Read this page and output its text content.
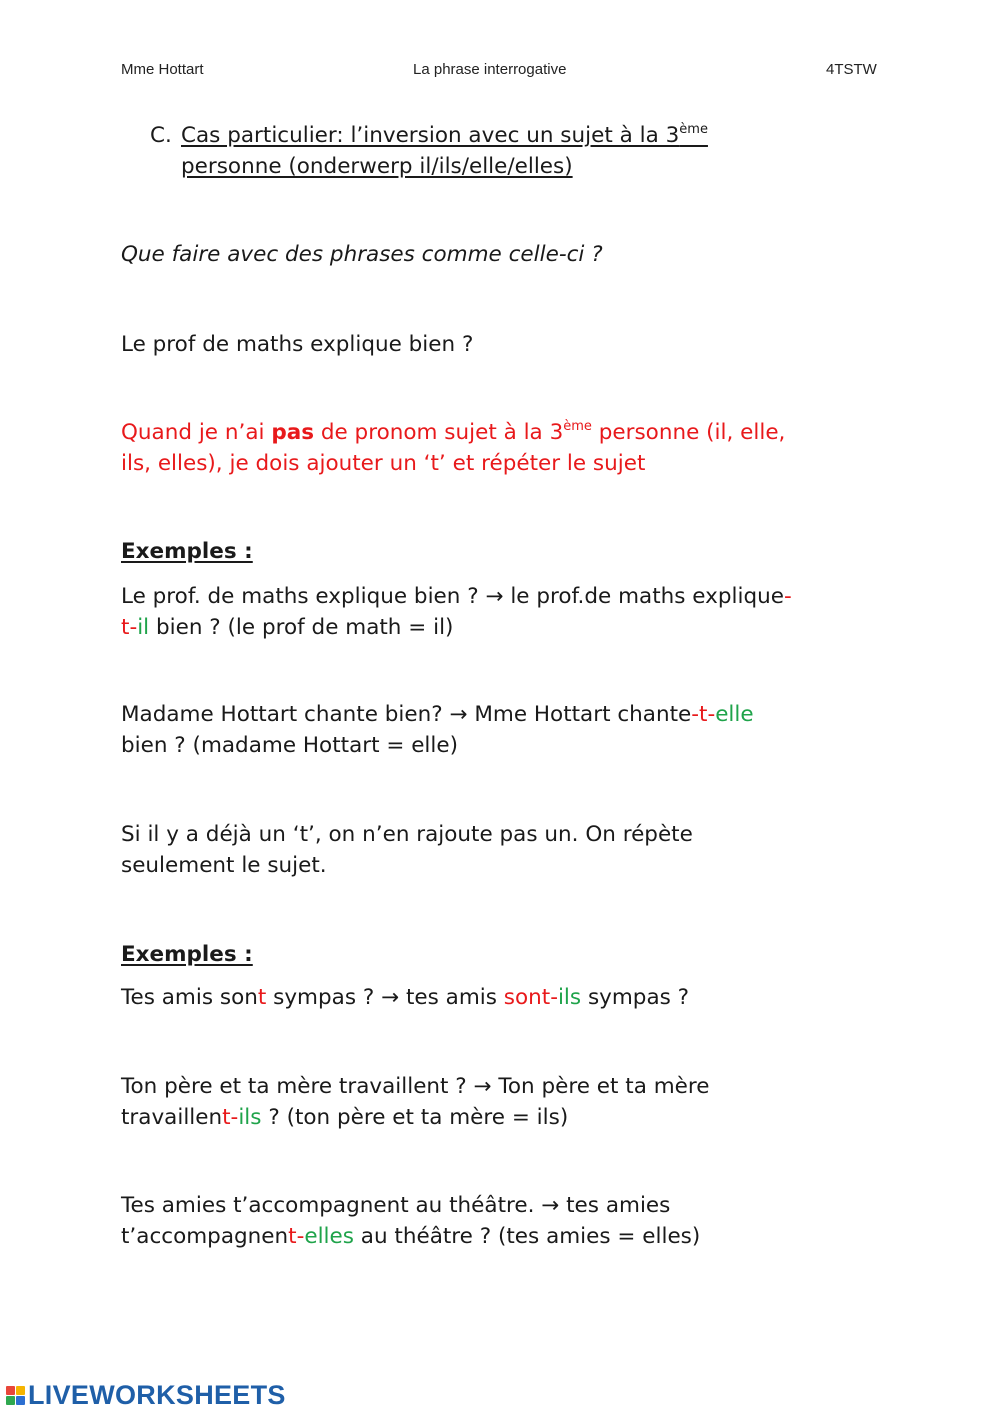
Mme Hottart	La phrase interrogative	4TSTW
C. Cas particulier: l’inversion avec un sujet à la 3ème
personne (onderwerp il/ils/elle/elles)

Que faire avec des phrases comme celle-ci ?

Le prof de maths explique bien ?

Quand je n’ai pas de pronom sujet à la 3ème personne (il, elle,
ils, elles), je dois ajouter un ‘t’ et répéter le sujet

Exemples :

Le prof. de maths explique bien ? → le prof.de maths explique-
t-il bien ? (le prof de math = il)

Madame Hottart chante bien? → Mme Hottart chante-t-elle
bien ? (madame Hottart = elle)

Si il y a déjà un ‘t’, on n’en rajoute pas un. On répète
seulement le sujet.

Exemples :

Tes amis sont sympas ? → tes amis sont-ils sympas ?

Ton père et ta mère travaillent ? → Ton père et ta mère
travaillent-ils ? (ton père et ta mère = ils)

Tes amies t’accompagnent au théâtre. → tes amies
t’accompagnent-elles au théâtre ? (tes amies = elles)

LIVEWORKSHEETS
